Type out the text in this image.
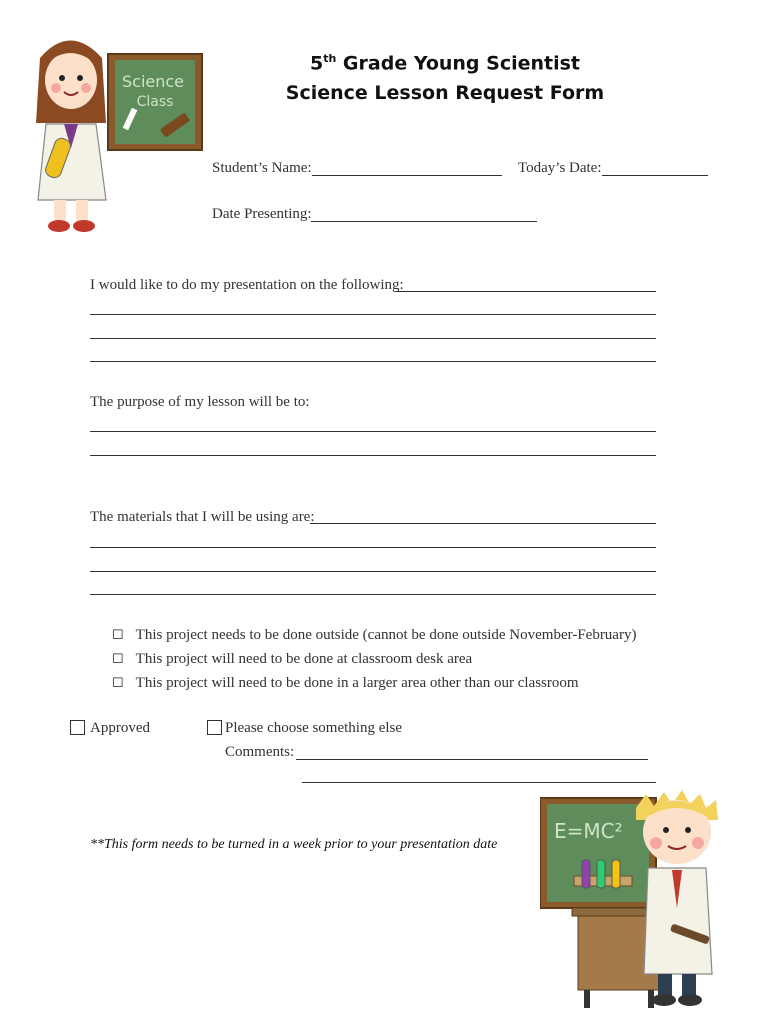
Science
Class
5th Grade Young Scientist
Science Lesson Request Form
Student’s Name:	Today’s Date:
Date Presenting:
I would like to do my presentation on the following:
The purpose of my lesson will be to:
The materials that I will be using are:
☐ This project needs to be done outside (cannot be done outside November-February)
☐ This project will need to be done at classroom desk area
☐ This project will need to be done in a larger area other than our classroom
Approved	Please choose something else
Comments:
**This form needs to be turned in a week prior to your presentation date
E=MC²
